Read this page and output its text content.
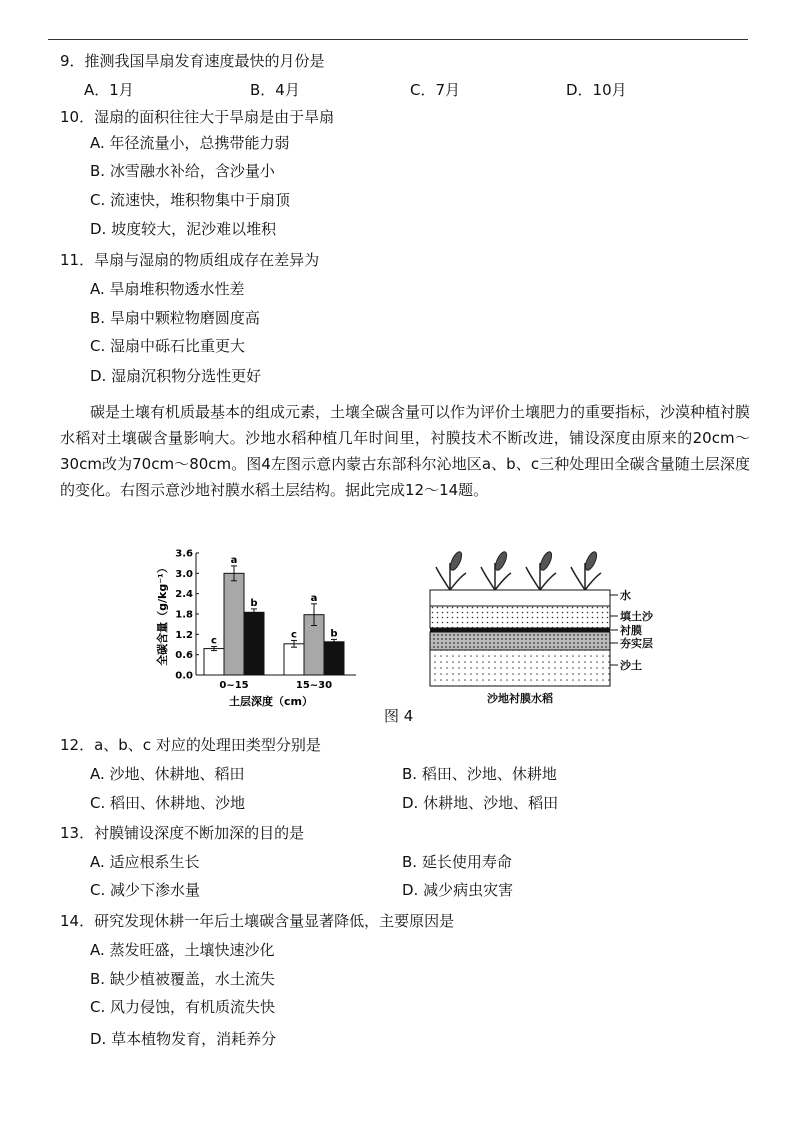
9．推测我国旱扇发育速度最快的月份是
A．1月	B．4月	C．7月	D．10月
10．湿扇的面积往往大于旱扇是由于旱扇
A. 年径流量小，总携带能力弱
B. 冰雪融水补给，含沙量小
C. 流速快，堆积物集中于扇顶
D. 坡度较大，泥沙难以堆积
11．旱扇与湿扇的物质组成存在差异为
A. 旱扇堆积物透水性差
B. 旱扇中颗粒物磨圆度高
C. 湿扇中砾石比重更大
D. 湿扇沉积物分选性更好

碳是土壤有机质最基本的组成元素，土壤全碳含量可以作为评价土壤肥力的重要指标，沙漠种植衬膜水稻对土壤碳含量影响大。沙地水稻种植几年时间里，衬膜技术不断改进，铺设深度由原来的20cm～30cm改为70cm～80cm。图4左图示意内蒙古东部科尔沁地区a、b、c三种处理田全碳含量随土层深度的变化。右图示意沙地衬膜水稻土层结构。据此完成12～14题。

0.0
0.6
1.2
1.8
2.4
3.0
3.6
全碳含量（g/kg⁻¹）	c
a
b
0~15
c
a
b
15~30
土层深度（cm）
水
填土沙
衬膜
夯实层
沙土
沙地衬膜水稻
图 4
12．a、b、c 对应的处理田类型分别是
A. 沙地、休耕地、稻田	B. 稻田、沙地、休耕地
C. 稻田、休耕地、沙地	D. 休耕地、沙地、稻田
13．衬膜铺设深度不断加深的目的是
A. 适应根系生长	B. 延长使用寿命
C. 减少下渗水量	D. 减少病虫灾害
14．研究发现休耕一年后土壤碳含量显著降低，主要原因是
A. 蒸发旺盛，土壤快速沙化
B. 缺少植被覆盖，水土流失
C. 风力侵蚀，有机质流失快
D. 草本植物发育，消耗养分
